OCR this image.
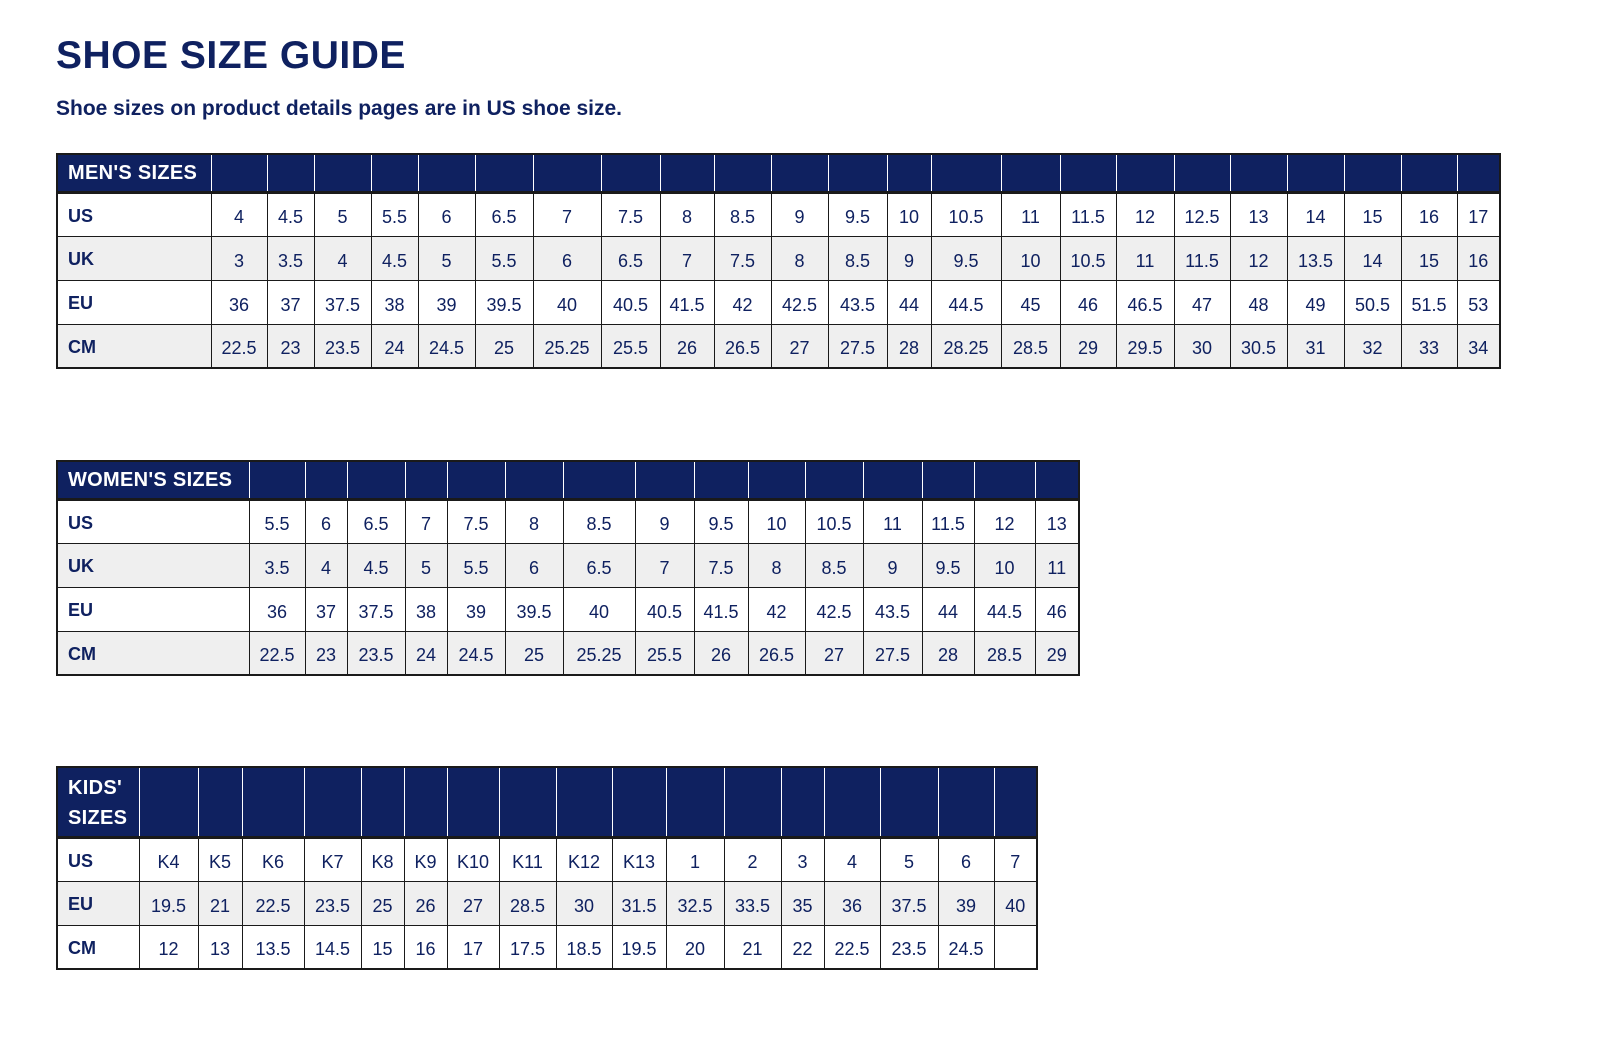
SHOE SIZE GUIDE

Shoe sizes on product details pages are in US shoe size.

MEN'S SIZES																							

US	4	4.5	5	5.5	6	6.5	7	7.5	8	8.5	9	9.5	10	10.5	11	11.5	12	12.5	13	14	15	16	17

UK	3	3.5	4	4.5	5	5.5	6	6.5	7	7.5	8	8.5	9	9.5	10	10.5	11	11.5	12	13.5	14	15	16

EU	36	37	37.5	38	39	39.5	40	40.5	41.5	42	42.5	43.5	44	44.5	45	46	46.5	47	48	49	50.5	51.5	53

CM	22.5	23	23.5	24	24.5	25	25.25	25.5	26	26.5	27	27.5	28	28.25	28.5	29	29.5	30	30.5	31	32	33	34
WOMEN'S SIZES															

US	5.5	6	6.5	7	7.5	8	8.5	9	9.5	10	10.5	11	11.5	12	13

UK	3.5	4	4.5	5	5.5	6	6.5	7	7.5	8	8.5	9	9.5	10	11

EU	36	37	37.5	38	39	39.5	40	40.5	41.5	42	42.5	43.5	44	44.5	46

CM	22.5	23	23.5	24	24.5	25	25.25	25.5	26	26.5	27	27.5	28	28.5	29
KIDS'
SIZES																	

US	K4	K5	K6	K7	K8	K9	K10	K11	K12	K13	1	2	3	4	5	6	7

EU	19.5	21	22.5	23.5	25	26	27	28.5	30	31.5	32.5	33.5	35	36	37.5	39	40

CM	12	13	13.5	14.5	15	16	17	17.5	18.5	19.5	20	21	22	22.5	23.5	24.5	
